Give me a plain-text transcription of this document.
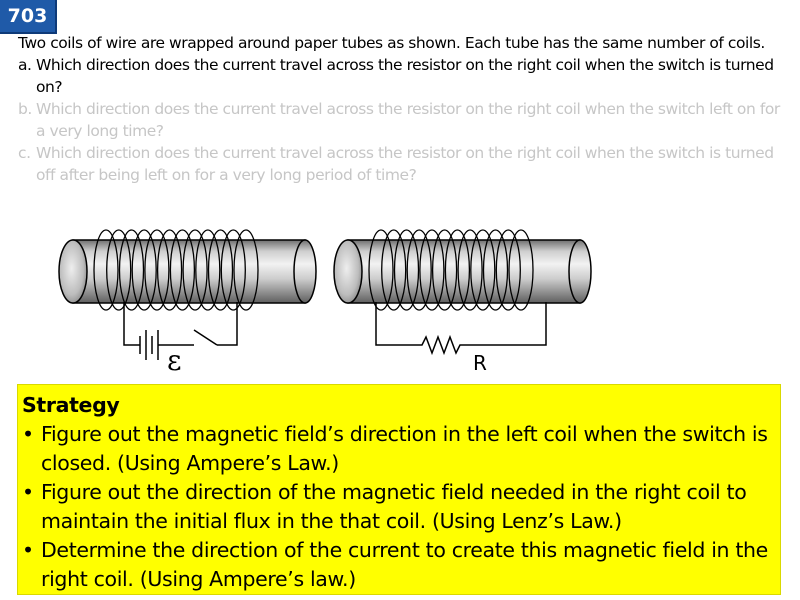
703

Two coils of wire are wrapped around paper tubes as shown. Each tube has the same number of coils.

a. Which direction does the current travel across the resistor on the right coil when the switch is turned on?
b. Which direction does the current travel across the resistor on the right coil when the switch left on for a very long time?
c. Which direction does the current travel across the resistor on the right coil when the switch is turned off after being left on for a very long period of time?
ε	R
Strategy
• Figure out the magnetic field’s direction in the left coil when the switch is closed. (Using Ampere’s Law.)
• Figure out the direction of the magnetic field needed in the right coil to maintain the initial flux in the that coil. (Using Lenz’s Law.)
• Determine the direction of the current to create this magnetic field in the right coil. (Using Ampere’s law.)
